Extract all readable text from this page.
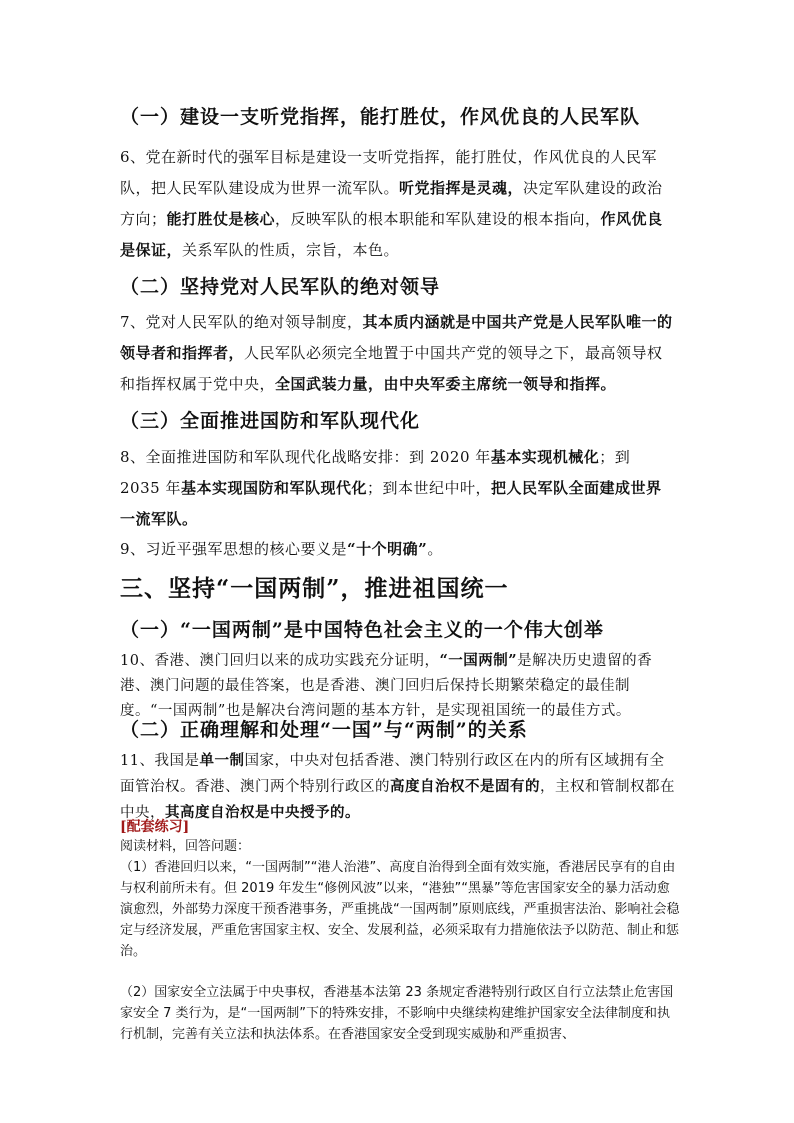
（一）建设一支听党指挥，能打胜仗，作风优良的人民军队
6、党在新时代的强军目标是建设一支听党指挥，能打胜仗，作风优良的人民军队，把人民军队建设成为世界一流军队。听党指挥是灵魂，决定军队建设的政治方向；能打胜仗是核心，反映军队的根本职能和军队建设的根本指向，作风优良是保证，关系军队的性质，宗旨，本色。
（二）坚持党对人民军队的绝对领导
7、党对人民军队的绝对领导制度，其本质内涵就是中国共产党是人民军队唯一的领导者和指挥者，人民军队必须完全地置于中国共产党的领导之下，最高领导权和指挥权属于党中央，全国武装力量，由中央军委主席统一领导和指挥。
（三）全面推进国防和军队现代化
8、全面推进国防和军队现代化战略安排：到 2020 年基本实现机械化；到 2035 年基本实现国防和军队现代化；到本世纪中叶，把人民军队全面建成世界一流军队。
9、习近平强军思想的核心要义是“十个明确”。
三、坚持“一国两制”，推进祖国统一
（一）“一国两制”是中国特色社会主义的一个伟大创举
10、香港、澳门回归以来的成功实践充分证明，“一国两制”是解决历史遗留的香港、澳门问题的最佳答案，也是香港、澳门回归后保持长期繁荣稳定的最佳制度。“一国两制”也是解决台湾问题的基本方针，是实现祖国统一的最佳方式。
（二）正确理解和处理“一国”与“两制”的关系
11、我国是单一制国家，中央对包括香港、澳门特别行政区在内的所有区域拥有全面管治权。香港、澳门两个特别行政区的高度自治权不是固有的，主权和管制权都在中央，其高度自治权是中央授予的。
[配套练习]
阅读材料，回答问题：
（1）香港回归以来，“一国两制”“港人治港”、高度自治得到全面有效实施，香港居民享有的自由与权利前所未有。但 2019 年发生“修例风波”以来，“港独”“黑暴”等危害国家安全的暴力活动愈演愈烈，外部势力深度干预香港事务，严重挑战“一国两制”原则底线，严重损害法治、影响社会稳定与经济发展，严重危害国家主权、安全、发展利益，必须采取有力措施依法予以防范、制止和惩治。
（2）国家安全立法属于中央事权，香港基本法第 23 条规定香港特别行政区自行立法禁止危害国家安全 7 类行为，是“一国两制”下的特殊安排，不影响中央继续构建维护国家安全法律制度和执行机制，完善有关立法和执法体系。在香港国家安全受到现实威胁和严重损害、
